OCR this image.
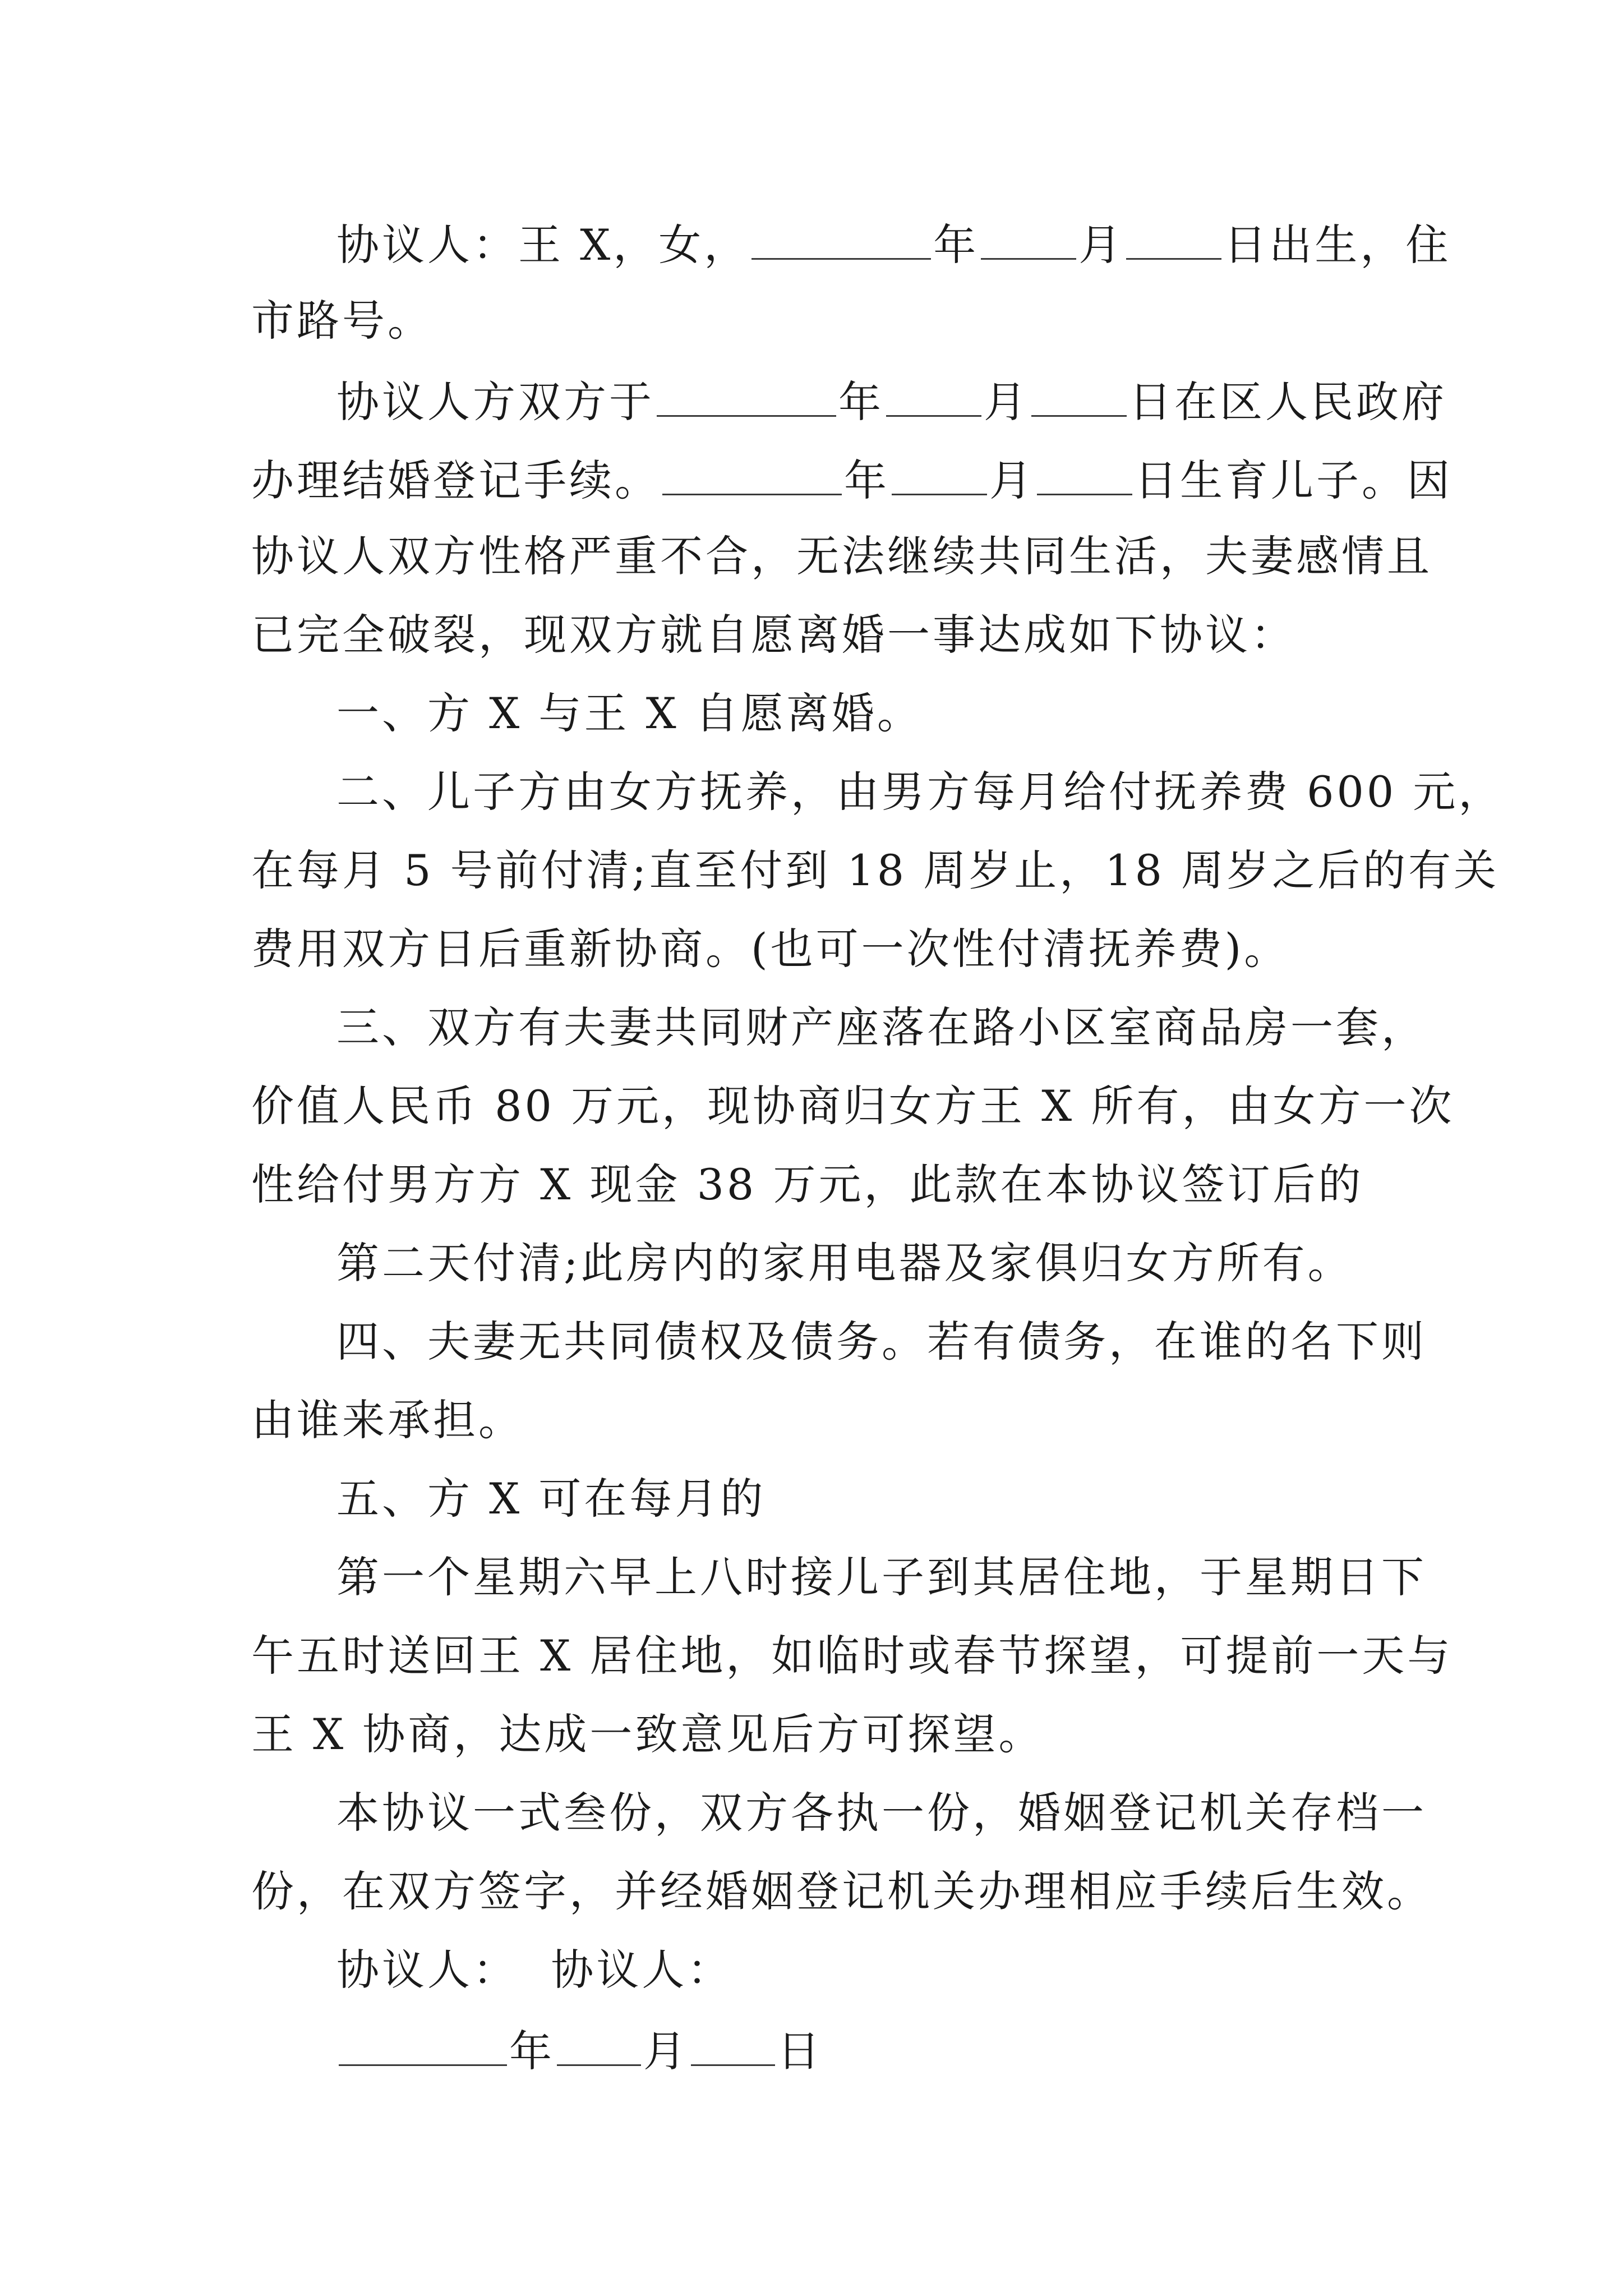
协议人：王 X，女，	年 月 日出生，住
市路号。
协议人方双方于	年 月 日在区人民政府
办理结婚登记手续。	年 月 日生育儿子。因
协议人双方性格严重不合，无法继续共同生活，夫妻感情且
已完全破裂，现双方就自愿离婚一事达成如下协议：
一、方 X 与王 X 自愿离婚。
二、儿子方由女方抚养，由男方每月给付抚养费 600 元，
在每月 5 号前付清;直至付到 18 周岁止，18 周岁之后的有关
费用双方日后重新协商。(也可一次性付清抚养费)。
三、双方有夫妻共同财产座落在路小区室商品房一套，
价值人民币 80 万元，现协商归女方王 X 所有，由女方一次
性给付男方方 X 现金 38 万元，此款在本协议签订后的
第二天付清;此房内的家用电器及家俱归女方所有。
四、夫妻无共同债权及债务。若有债务，在谁的名下则
由谁来承担。
五、方 X 可在每月的
第一个星期六早上八时接儿子到其居住地，于星期日下
午五时送回王 X 居住地，如临时或春节探望，可提前一天与
王 X 协商，达成一致意见后方可探望。
本协议一式叁份，双方各执一份，婚姻登记机关存档一
份，在双方签字，并经婚姻登记机关办理相应手续后生效。
协议人：  协议人：
年 月 日
